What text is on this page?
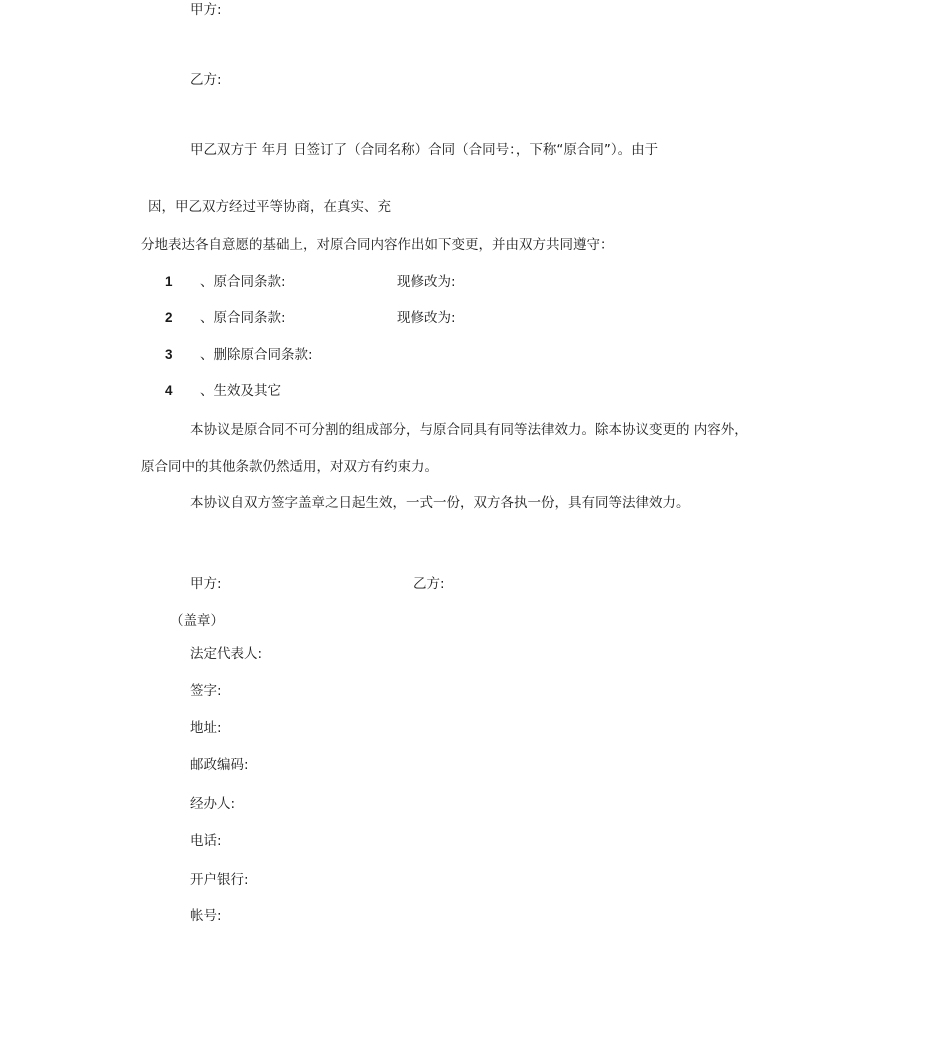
甲方:
乙方:
甲乙双方于 年月 日签订了（合同名称）合同（合同号：，下称“原合同”）。由于
因，甲乙双方经过平等协商，在真实、充
分地表达各自意愿的基础上，对原合同内容作出如下变更，并由双方共同遵守：
1 、原合同条款:	现修改为:
2 、原合同条款:	现修改为:
3 、删除原合同条款:
4 、生效及其它
本协议是原合同不可分割的组成部分，与原合同具有同等法律效力。除本协议变更的 内容外，
原合同中的其他条款仍然适用，对双方有约束力。
本协议自双方签字盖章之日起生效，一式一份，双方各执一份，具有同等法律效力。
甲方:	乙方:
（盖章）
法定代表人:
签字:
地址:
邮政编码:
经办人:
电话:
开户银行:
帐号:
